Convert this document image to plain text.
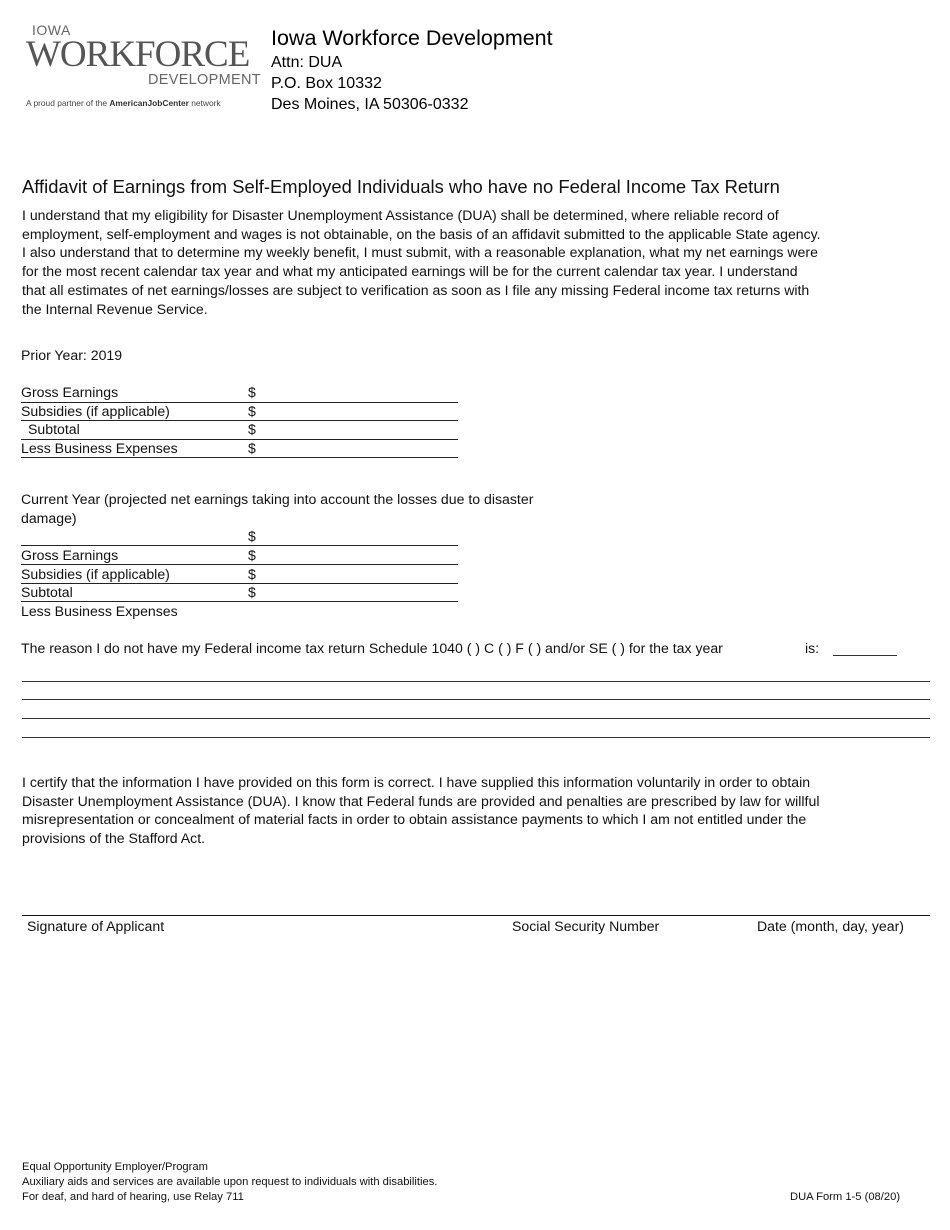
IOWA
WORKFORCE
DEVELOPMENT
A proud partner of the AmericanJobCenter network
Iowa Workforce Development
Attn: DUA
P.O. Box 10332
Des Moines, IA 50306-0332
Affidavit of Earnings from Self-Employed Individuals who have no Federal Income Tax Return
I understand that my eligibility for Disaster Unemployment Assistance (DUA) shall be determined, where reliable record of employment, self-employment and wages is not obtainable, on the basis of an affidavit submitted to the applicable State agency. I also understand that to determine my weekly benefit, I must submit, with a reasonable explanation, what my net earnings were for the most recent calendar tax year and what my anticipated earnings will be for the current calendar tax year. I understand that all estimates of net earnings/losses are subject to verification as soon as I file any missing Federal income tax returns with the Internal Revenue Service.
Prior Year: 2019
Gross Earnings	$
Subsidies (if applicable)	$
Subtotal	$
Less Business Expenses	$
Current Year (projected net earnings taking into account the losses due to disaster
damage)
$
Gross Earnings	$
Subsidies (if applicable)	$
Subtotal	$
Less Business Expenses
The reason I do not have my Federal income tax return Schedule 1040 ( ) C ( ) F ( ) and/or SE ( ) for the tax year	is:
I certify that the information I have provided on this form is correct. I have supplied this information voluntarily in order to obtain Disaster Unemployment Assistance (DUA). I know that Federal funds are provided and penalties are prescribed by law for willful misrepresentation or concealment of material facts in order to obtain assistance payments to which I am not entitled under the provisions of the Stafford Act.
Signature of Applicant	Social Security Number	Date (month, day, year)
Equal Opportunity Employer/Program
Auxiliary aids and services are available upon request to individuals with disabilities.
For deaf, and hard of hearing, use Relay 711	DUA Form 1-5 (08/20)
